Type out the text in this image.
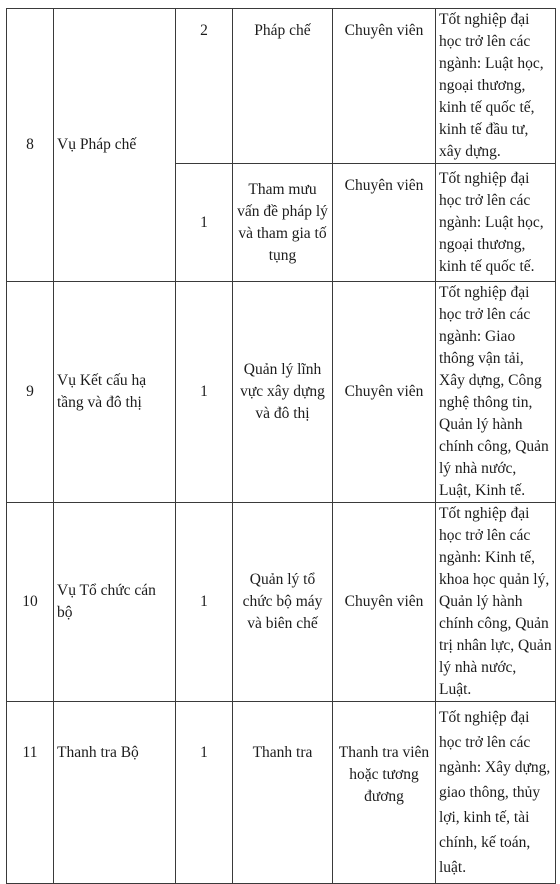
8	Vụ Pháp chế	2	Pháp chế	Chuyên viên	Tốt nghiệp đại học trở lên các ngành: Luật học, ngoại thương, kinh tế quốc tế, kinh tế đầu tư, xây dựng.
		1	Tham mưu vấn đề pháp lý và tham gia tố tụng	Chuyên viên	Tốt nghiệp đại học trở lên các ngành: Luật học, ngoại thương, kinh tế quốc tế.
9	Vụ Kết cấu hạ tầng và đô thị	1	Quản lý lĩnh vực xây dựng và đô thị	Chuyên viên	Tốt nghiệp đại học trở lên các ngành: Giao thông vận tải, Xây dựng, Công nghệ thông tin, Quản lý hành chính công, Quản lý nhà nước, Luật, Kinh tế.
10	Vụ Tổ chức cán bộ	1	Quản lý tổ chức bộ máy và biên chế	Chuyên viên	Tốt nghiệp đại học trở lên các ngành: Kinh tế, khoa học quản lý, Quản lý hành chính công, Quản trị nhân lực, Quản lý nhà nước, Luật.
11	Thanh tra Bộ	1	Thanh tra	Thanh tra viên hoặc tương đương	Tốt nghiệp đại học trở lên các ngành: Xây dựng, giao thông, thủy lợi, kinh tế, tài chính, kế toán, luật.
